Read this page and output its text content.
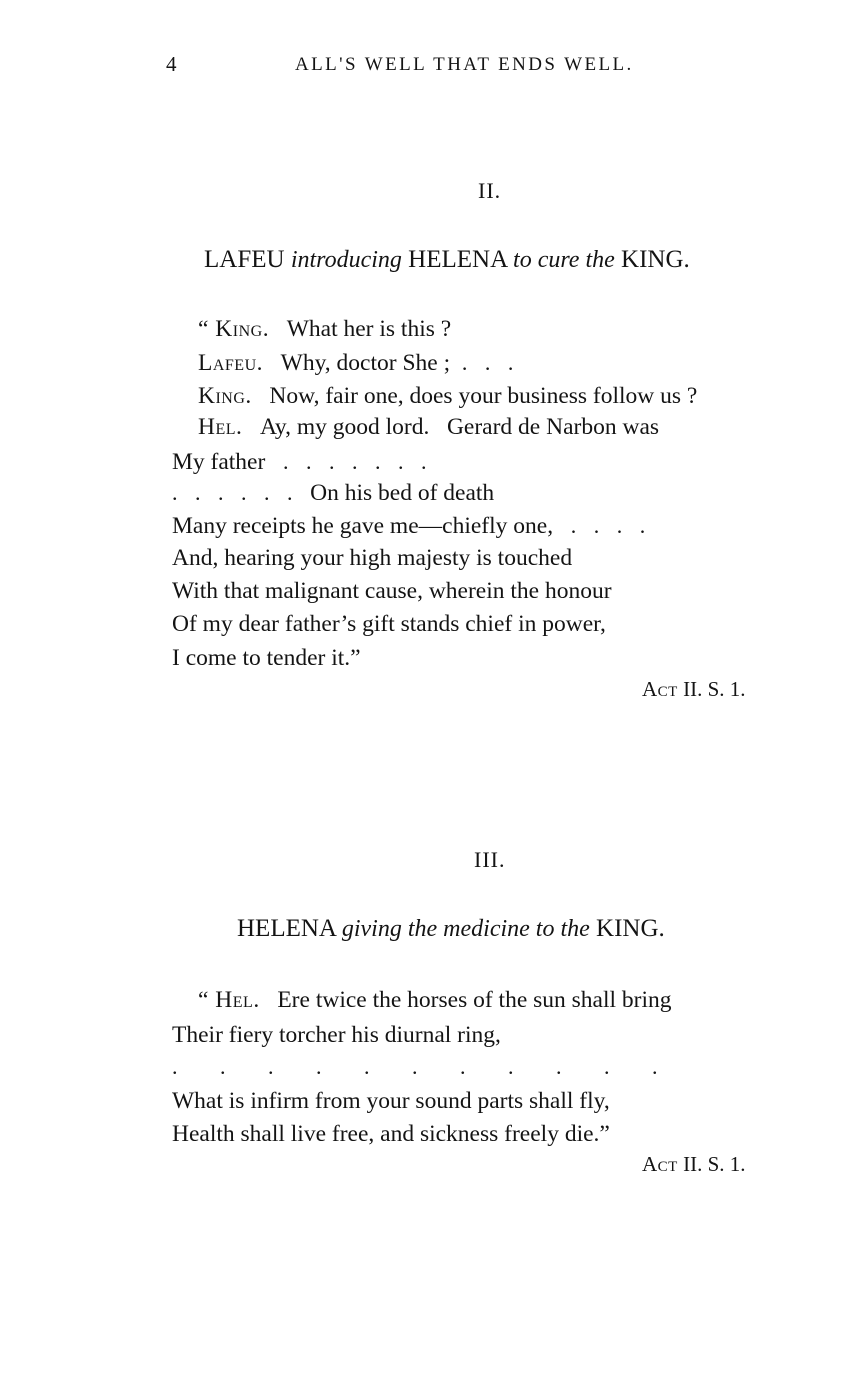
4	ALL'S WELL THAT ENDS WELL.
II.
LAFEU introducing HELENA to cure the KING.
“ King. What her is this ?
Lafeu. Why, doctor She ; . . .
King. Now, fair one, does your business follow us ?
Hel. Ay, my good lord.   Gerard de Narbon was
My father . . . . . . .
. . . . . . On his bed of death
Many receipts he gave me—chiefly one, . . . .
And, hearing your high majesty is touched
With that malignant cause, wherein the honour
Of my dear father’s gift stands chief in power,
I come to tender it.”
Act II. S. 1.
III.
HELENA giving the medicine to the KING.
“ Hel. Ere twice the horses of the sun shall bring
Their fiery torcher his diurnal ring,
. . . . . . . . . . .
What is infirm from your sound parts shall fly,
Health shall live free, and sickness freely die.”
Act II. S. 1.
